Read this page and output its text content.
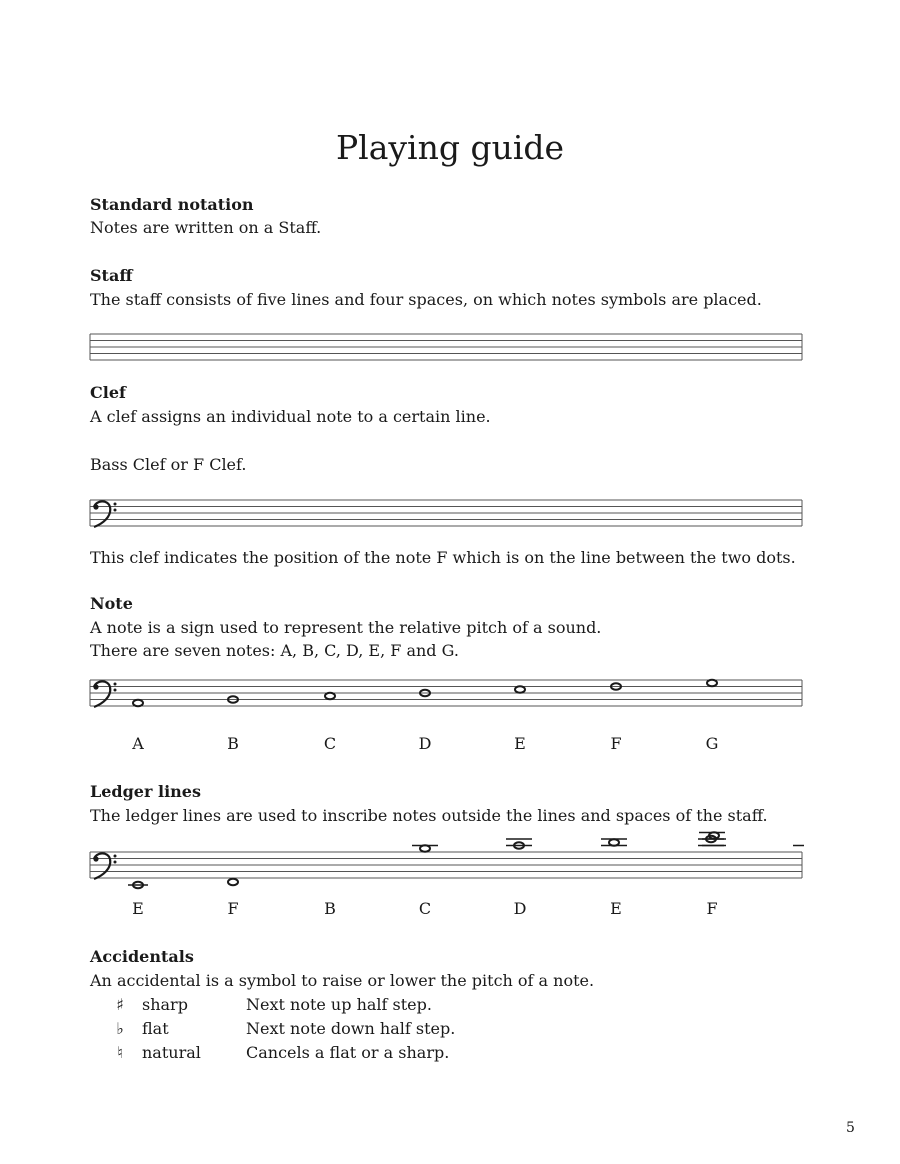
Playing guide

Standard notation

Notes are written on a Staff.

Staff

The staff consists of five lines and four spaces, on which notes symbols are placed.

Clef

A clef assigns an individual note to a certain line.

Bass Clef or F Clef.

This clef indicates the position of the note F which is on the line between the two dots.

Note

A note is a sign used to represent the relative pitch of a sound.

There are seven notes: A, B, C, D, E, F and G.

A	B	C	D	E	F	G

Ledger lines

The ledger lines are used to inscribe notes outside the lines and spaces of the staff.

E	F	B	C	D	E	F

Accidentals

An accidental is a symbol to raise or lower the pitch of a note.

♯ sharp	Next note up half step.
♭ flat	Next note down half step.
♮	natural	Cancels a flat or a sharp.
5
